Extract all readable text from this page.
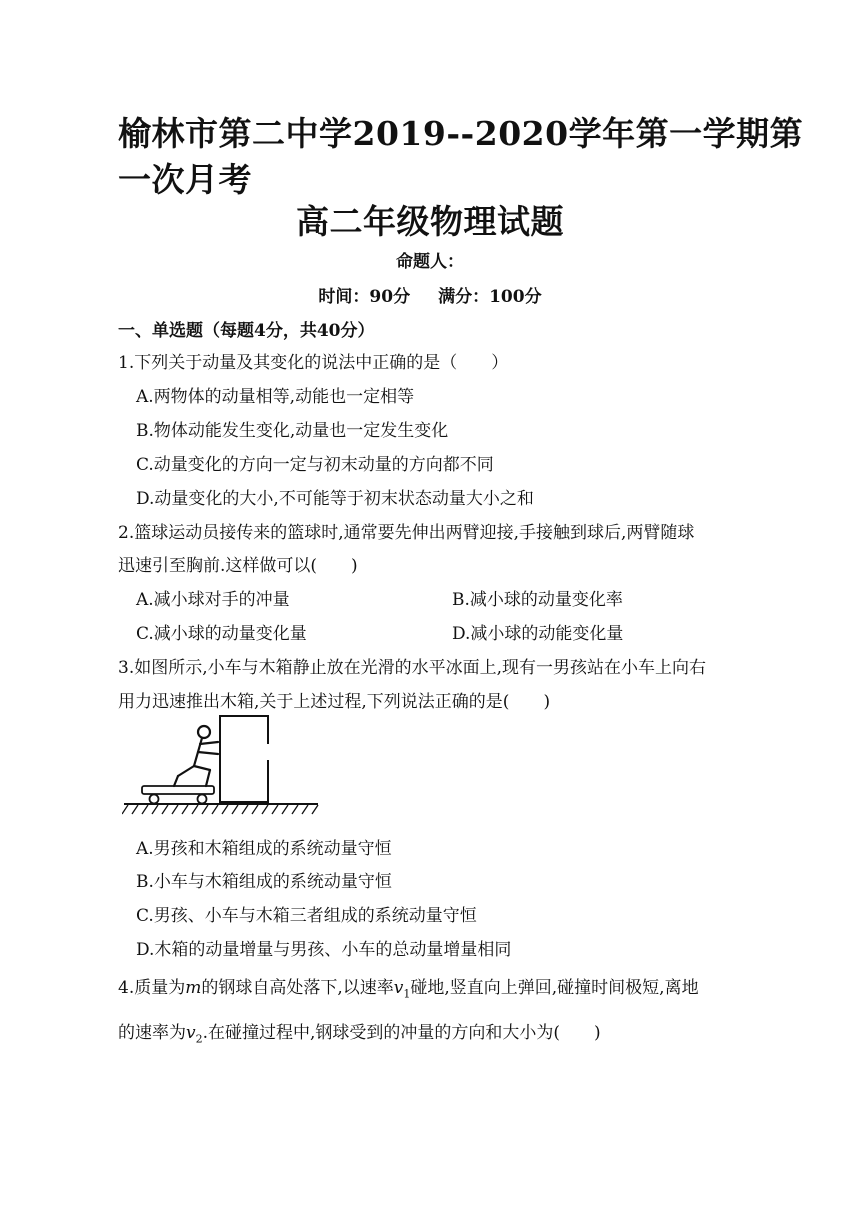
榆林市第二中学2019--2020学年第一学期第
一次月考
高二年级物理试题
命题人：
时间：90分 满分：100分
一、单选题（每题4分，共40分）
1.下列关于动量及其变化的说法中正确的是（　　）
A.两物体的动量相等,动能也一定相等
B.物体动能发生变化,动量也一定发生变化
C.动量变化的方向一定与初末动量的方向都不同
D.动量变化的大小,不可能等于初末状态动量大小之和
2.篮球运动员接传来的篮球时,通常要先伸出两臂迎接,手接触到球后,两臂随球
迅速引至胸前.这样做可以(　　)
A.减小球对手的冲量	B.减小球的动量变化率
C.减小球的动量变化量	D.减小球的动能变化量
3.如图所示,小车与木箱静止放在光滑的水平冰面上,现有一男孩站在小车上向右
用力迅速推出木箱,关于上述过程,下列说法正确的是(　　)
A.男孩和木箱组成的系统动量守恒
B.小车与木箱组成的系统动量守恒
C.男孩、小车与木箱三者组成的系统动量守恒
D.木箱的动量增量与男孩、小车的总动量增量相同
4.质量为m的钢球自高处落下,以速率$v_1$碰地,竖直向上弹回,碰撞时间极短,离地
的速率为$v_2$.在碰撞过程中,钢球受到的冲量的方向和大小为(　　)
